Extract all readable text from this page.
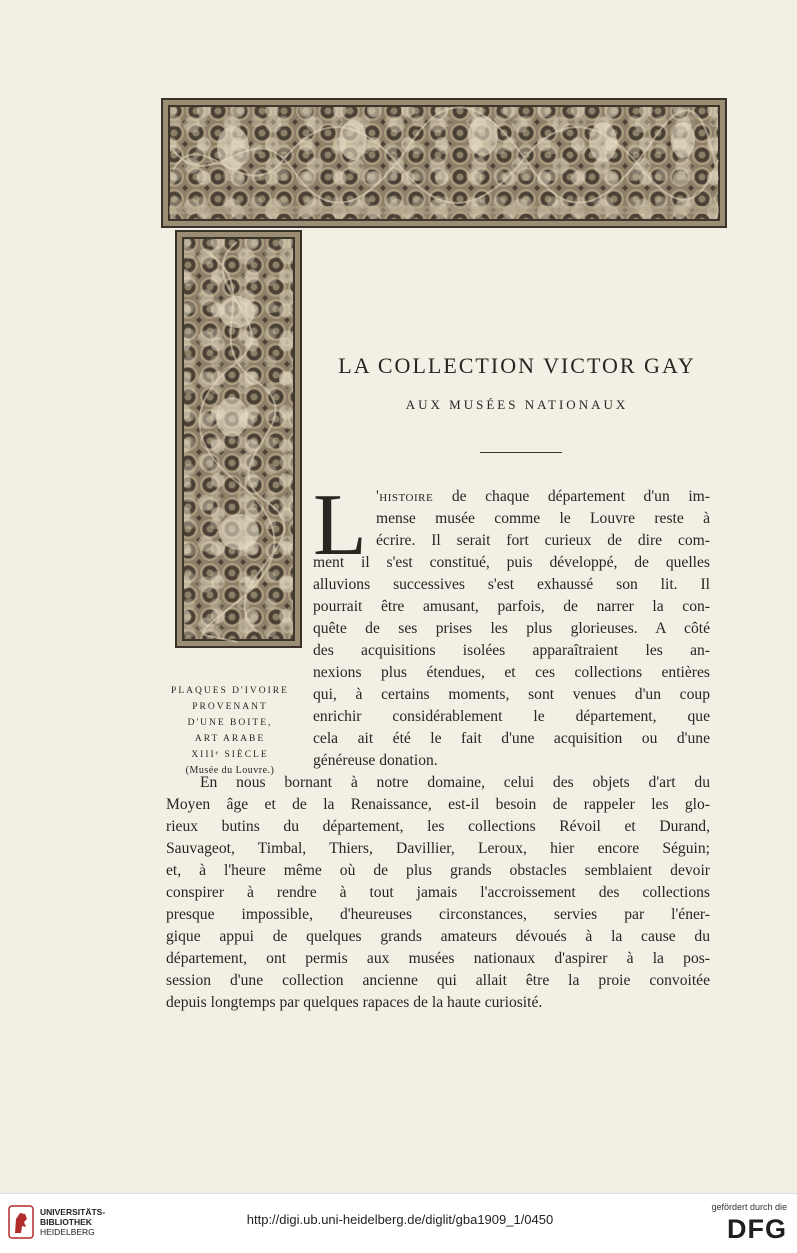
PLAQUES D'IVOIRE
PROVENANT
D'UNE BOITE,
ART ARABE
XIIIᵉ SIÈCLE
(Musée du Louvre.)
LA COLLECTION VICTOR GAY
AUX MUSÉES NATIONAUX
L 'histoire de chaque département d'un im-
mense musée comme le Louvre reste à
écrire. Il serait fort curieux de dire com-
ment il s'est constitué, puis développé, de quelles
alluvions successives s'est exhaussé son lit. Il
pourrait être amusant, parfois, de narrer la con-
quête de ses prises les plus glorieuses. A côté
des acquisitions isolées apparaîtraient les an-
nexions plus étendues, et ces collections entières
qui, à certains moments, sont venues d'un coup
enrichir considérablement le département, que
cela ait été le fait d'une acquisition ou d'une
généreuse donation.
En nous bornant à notre domaine, celui des objets d'art du
Moyen âge et de la Renaissance, est-il besoin de rappeler les glo-
rieux butins du département, les collections Révoil et Durand,
Sauvageot, Timbal, Thiers, Davillier, Leroux, hier encore Séguin;
et, à l'heure même où de plus grands obstacles semblaient devoir
conspirer à rendre à tout jamais l'accroissement des collections
presque impossible, d'heureuses circonstances, servies par l'éner-
gique appui de quelques grands amateurs dévoués à la cause du
département, ont permis aux musées nationaux d'aspirer à la pos-
session d'une collection ancienne qui allait être la proie convoitée
depuis longtemps par quelques rapaces de la haute curiosité.
UNIVERSITÄTS-
BIBLIOTHEK
HEIDELBERG
http://digi.ub.uni-heidelberg.de/diglit/gba1909_1/0450
gefördert durch die
DFG
